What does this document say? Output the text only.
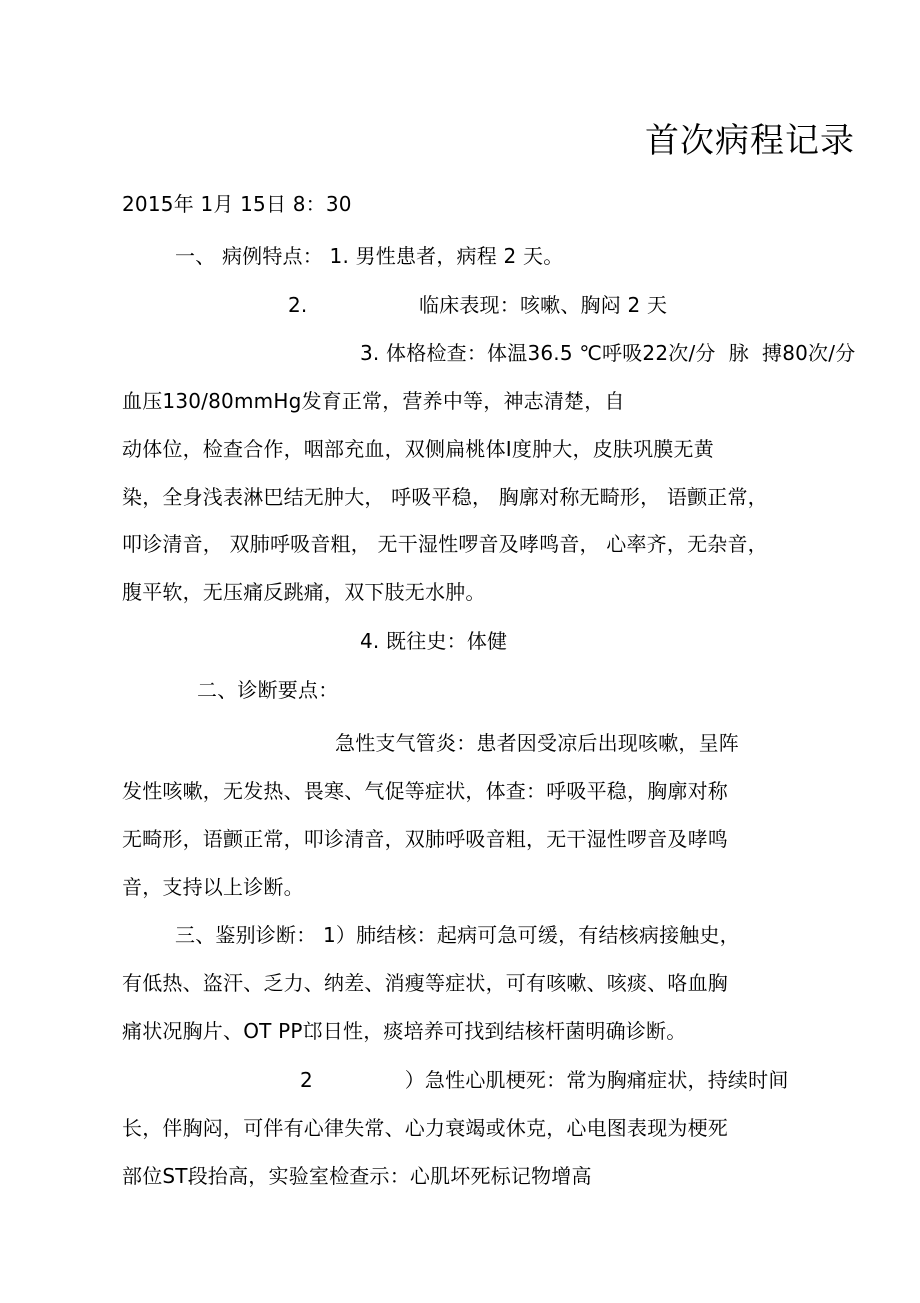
首次病程记录
2015年 1月 15日 8：30
一、 病例特点： 1. 男性患者，病程 2 天。
2.                 临床表现：咳嗽、胸闷 2 天
3. 体格检查：体温36.5 ℃呼吸22次/分  脉  搏80次/分
血压130/80mmHg发育正常，营养中等，神志清楚，自
动体位，检查合作，咽部充血，双侧扁桃体Ⅰ度肿大，皮肤巩膜无黄
染，全身浅表淋巴结无肿大， 呼吸平稳， 胸廓对称无畸形， 语颤正常，
叩诊清音， 双肺呼吸音粗， 无干湿性啰音及哮鸣音， 心率齐，无杂音，
腹平软，无压痛反跳痛，双下肢无水肿。
4. 既往史：体健
二、诊断要点：
急性支气管炎：患者因受凉后出现咳嗽，呈阵
发性咳嗽，无发热、畏寒、气促等症状，体查：呼吸平稳，胸廓对称
无畸形，语颤正常，叩诊清音，双肺呼吸音粗，无干湿性啰音及哮鸣
音，支持以上诊断。
三、鉴别诊断： 1）肺结核：起病可急可缓，有结核病接触史，
有低热、盗汗、乏力、纳差、消瘦等症状，可有咳嗽、咳痰、咯血胸
痛状况胸片、OT PP邙日性，痰培养可找到结核杆菌明确诊断。
2              ）急性心肌梗死：常为胸痛症状，持续时间
长，伴胸闷，可伴有心律失常、心力衰竭或休克，心电图表现为梗死
部位ST段抬高，实验室检查示：心肌坏死标记物增高
